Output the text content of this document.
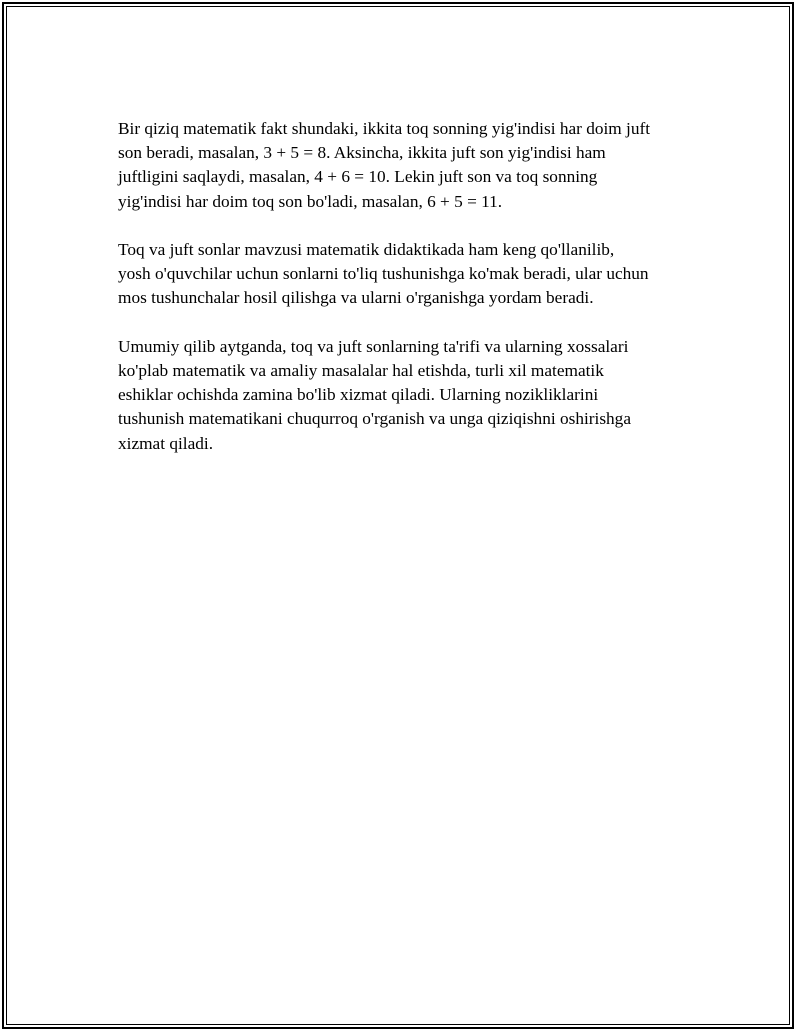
Bir qiziq matematik fakt shundaki, ikkita toq sonning yig'indisi har doim juft
son beradi, masalan, 3 + 5 = 8. Aksincha, ikkita juft son yig'indisi ham
juftligini saqlaydi, masalan, 4 + 6 = 10. Lekin juft son va toq sonning
yig'indisi har doim toq son bo'ladi, masalan, 6 + 5 = 11.

Toq va juft sonlar mavzusi matematik didaktikada ham keng qo'llanilib,
yosh o'quvchilar uchun sonlarni to'liq tushunishga ko'mak beradi, ular uchun
mos tushunchalar hosil qilishga va ularni o'rganishga yordam beradi.

Umumiy qilib aytganda, toq va juft sonlarning ta'rifi va ularning xossalari
ko'plab matematik va amaliy masalalar hal etishda, turli xil matematik
eshiklar ochishda zamina bo'lib xizmat qiladi. Ularning nozikliklarini
tushunish matematikani chuqurroq o'rganish va unga qiziqishni oshirishga
xizmat qiladi.
